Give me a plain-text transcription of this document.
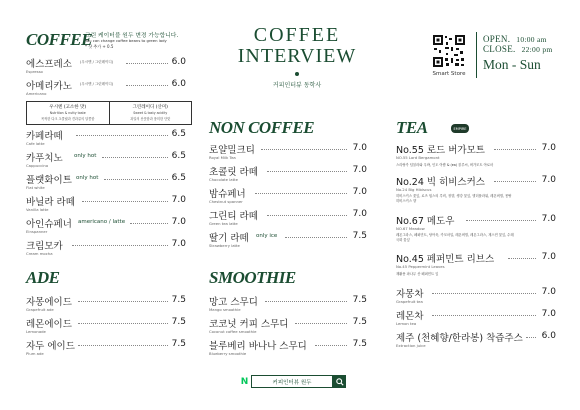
COFFEE
그린 케이터블 원두 변경 가능합니다.
You can change coffee beans to green lady
* 샷 추가 + 0.5
에스프레소 (우시엔 / 그린레이디)	6.0
Espresso
아메리카노 (우시엔 / 그린레이디)	6.0
Americano
우시엔 (고소한 맛)
Nutrition & nutty taste
목적한 다크 초콜릿과 견과류의 달콤함
그린레이디 (산미)
Sweet & tasty acidity
과일의 산뜻함과 풍미한 단맛
카페라떼	6.5
Cafe latte
카푸치노 only hot	6.5
Cappuccino
플랫화이트 only hot	6.5
Flat white
바닐라 라떼	7.0
Vanilla latte
아인슈페너 americano / latte	7.0
Einspanner
크림모카	7.0
Cream mocha
ADE
자몽에이드	7.5
Grapefruit ade
레몬에이드	7.5
Lemonade
자두 에이드	7.5
Plum ade
COFFEE
INTERVIEW
커피인터뷰 동학사
NON COFFEE
로얄밀크티	7.0
Royal Milk Tea
초콜릿 라떼	7.0
Chocolate latte
밤슈페너	7.0
Chestnut spanner
그린티 라떼	7.0
Green tea latte
딸기 라떼 only ice	7.5
Strawberry latte
SMOOTHIE
망고 스무디	7.5
Mango smoothie
코코넛 커피 스무디	7.5
Coconut coffee smoothie
블루베리 바나나 스무디	7.5
Blueberry smoothie
Smart Store
OPEN. 10:00 am
CLOSE. 22:00 pm
Mon - Sun
TEA	EMPIRE
No.55 로드 버가모트	7.0
NO.55 Lord Bergamont
스리랑카 딤블라와 우바, 인도 아쌈 & (ea) 블루씨, 버가모트 아로마
No.24 빅 히비스커스	7.0
No.24 Big Hibiscus
히비스커스 꽃잎, 로즈 힙스의 루비, 정향, 생강 꽃잎, 엘더플라워, 레몬버벌, 몽땅 히비스커스 향
No.67 메도우	7.0
NO.67 Meadow
레몬그라스, 페퍼민트, 당아욱, 카모마일, 레몬버벌, 레몬그라스, 재스민 꽃잎, 수레국화 꽃잎
No.45 페퍼민트 리브스	7.0
No.45 Peppermint Leaves
재활용 파나무 산 페퍼민트 잎
자몽차	7.0
Grapefruit tea
레몬차	7.0
Lemon tea
제주 (천혜향/한라봉) 착즙주스 6.0
Extraction juice
N	커피인터뷰 원두
